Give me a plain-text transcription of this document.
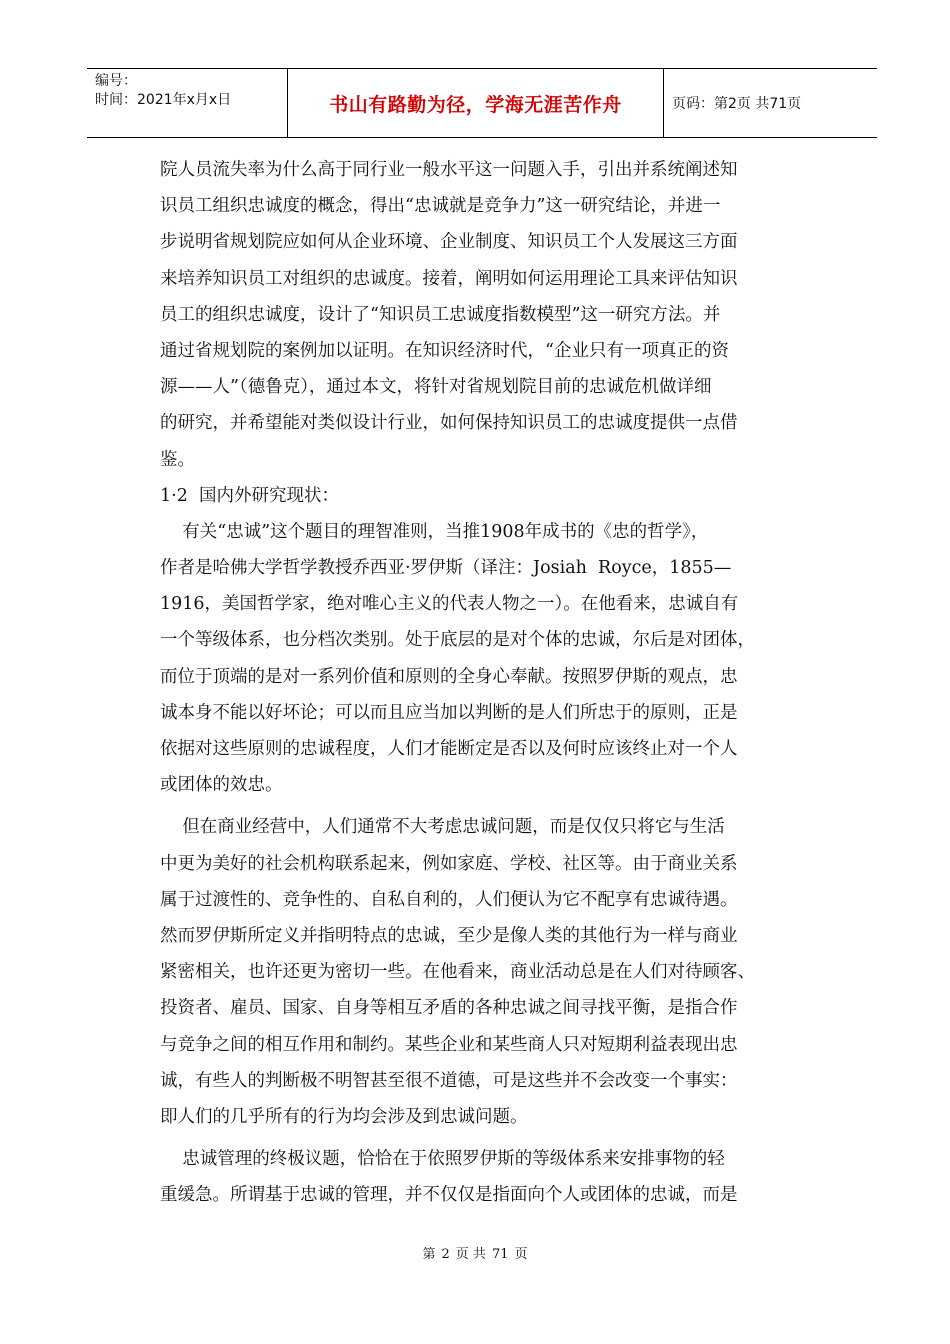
编号：
时间：2021年x月x日	书山有路勤为径，学海无涯苦作舟	页码：第2页 共71页
院人员流失率为什么高于同行业一般水平这一问题入手，引出并系统阐述知
识员工组织忠诚度的概念，得出“忠诚就是竞争力”这一研究结论，并进一
步说明省规划院应如何从企业环境、企业制度、知识员工个人发展这三方面
来培养知识员工对组织的忠诚度。接着，阐明如何运用理论工具来评估知识
员工的组织忠诚度，设计了“知识员工忠诚度指数模型”这一研究方法。并
通过省规划院的案例加以证明。在知识经济时代，“企业只有一项真正的资
源——人”（德鲁克），通过本文，将针对省规划院目前的忠诚危机做详细
的研究，并希望能对类似设计行业，如何保持知识员工的忠诚度提供一点借
鉴。
1·2  国内外研究现状：
有关“忠诚”这个题目的理智准则，当推1908年成书的《忠的哲学》，
作者是哈佛大学哲学教授乔西亚·罗伊斯（译注：Josiah  Royce，1855—
1916，美国哲学家，绝对唯心主义的代表人物之一）。在他看来，忠诚自有
一个等级体系，也分档次类别。处于底层的是对个体的忠诚，尔后是对团体，
而位于顶端的是对一系列价值和原则的全身心奉献。按照罗伊斯的观点，忠
诚本身不能以好坏论；可以而且应当加以判断的是人们所忠于的原则，正是
依据对这些原则的忠诚程度，人们才能断定是否以及何时应该终止对一个人
或团体的效忠。
但在商业经营中，人们通常不大考虑忠诚问题，而是仅仅只将它与生活
中更为美好的社会机构联系起来，例如家庭、学校、社区等。由于商业关系
属于过渡性的、竞争性的、自私自利的，人们便认为它不配享有忠诚待遇。
然而罗伊斯所定义并指明特点的忠诚，至少是像人类的其他行为一样与商业
紧密相关，也许还更为密切一些。在他看来，商业活动总是在人们对待顾客、
投资者、雇员、国家、自身等相互矛盾的各种忠诚之间寻找平衡，是指合作
与竞争之间的相互作用和制约。某些企业和某些商人只对短期利益表现出忠
诚，有些人的判断极不明智甚至很不道德，可是这些并不会改变一个事实：
即人们的几乎所有的行为均会涉及到忠诚问题。
忠诚管理的终极议题，恰恰在于依照罗伊斯的等级体系来安排事物的轻
重缓急。所谓基于忠诚的管理，并不仅仅是指面向个人或团体的忠诚，而是
第 2 页 共 71 页
